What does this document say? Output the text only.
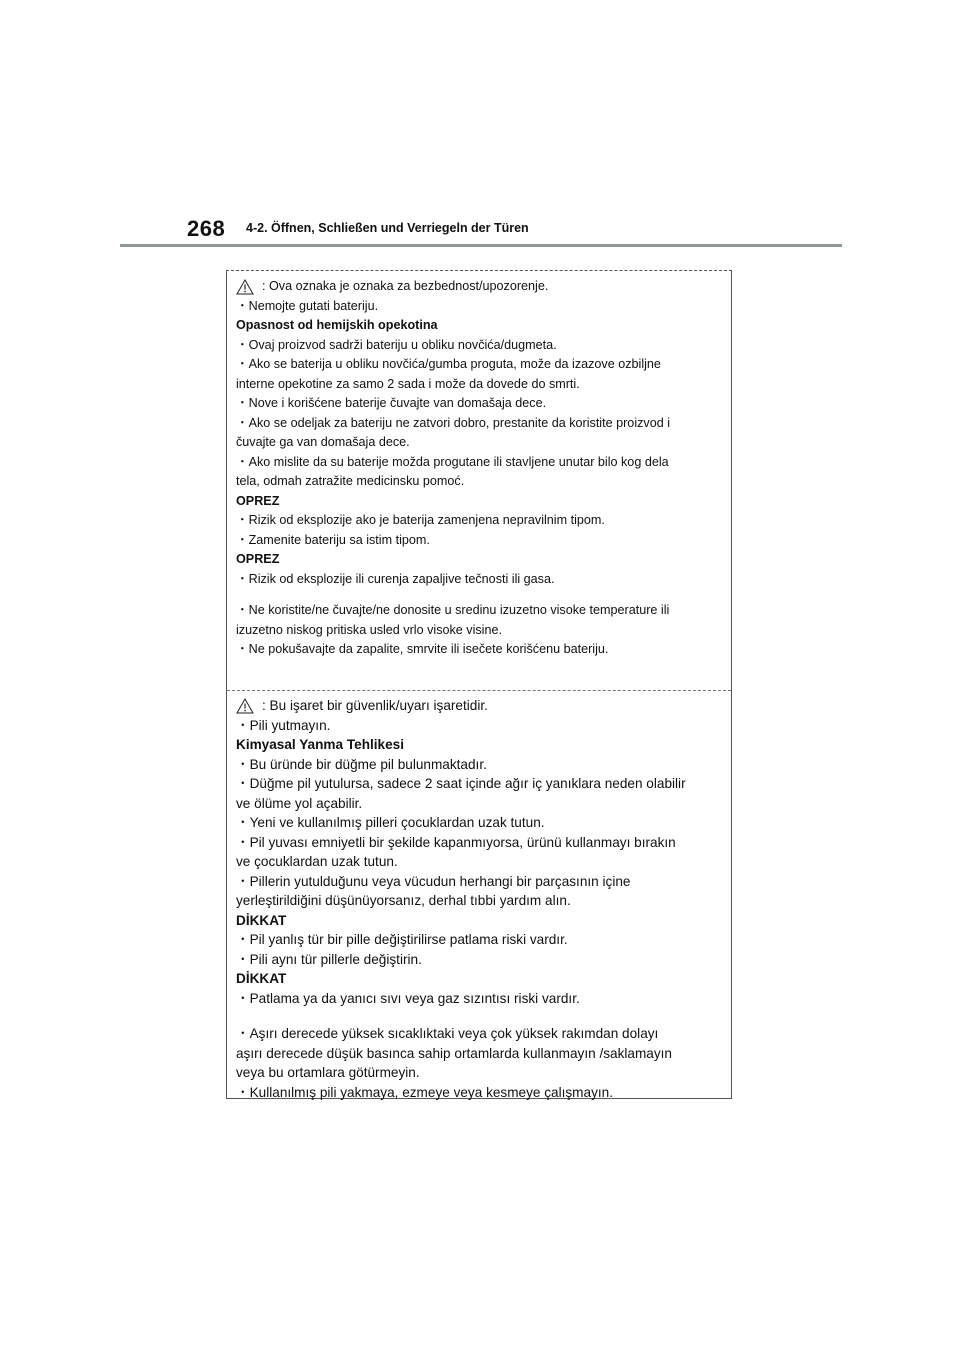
268 4-2. Öffnen, Schließen und Verriegeln der Türen
: Ova oznaka je oznaka za bezbednost/upozorenje.
・Nemojte gutati bateriju.
Opasnost od hemijskih opekotina
・Ovaj proizvod sadrži bateriju u obliku novčića/dugmeta.
・Ako se baterija u obliku novčića/gumba proguta, može da izazove ozbiljne
interne opekotine za samo 2 sada i može da dovede do smrti.
・Nove i korišćene baterije čuvajte van domašaja dece.
・Ako se odeljak za bateriju ne zatvori dobro, prestanite da koristite proizvod i
čuvajte ga van domašaja dece.
・Ako mislite da su baterije možda progutane ili stavljene unutar bilo kog dela
tela, odmah zatražite medicinsku pomoć.
OPREZ
・Rizik od eksplozije ako je baterija zamenjena nepravilnim tipom.
・Zamenite bateriju sa istim tipom.
OPREZ
・Rizik od eksplozije ili curenja zapaljive tečnosti ili gasa.
・Ne koristite/ne čuvajte/ne donosite u sredinu izuzetno visoke temperature ili
izuzetno niskog pritiska usled vrlo visoke visine.
・Ne pokušavajte da zapalite, smrvite ili isečete korišćenu bateriju.
: Bu işaret bir güvenlik/uyarı işaretidir.
・Pili yutmayın.
Kimyasal Yanma Tehlikesi
・Bu üründe bir düğme pil bulunmaktadır.
・Düğme pil yutulursa, sadece 2 saat içinde ağır iç yanıklara neden olabilir
ve ölüme yol açabilir.
・Yeni ve kullanılmış pilleri çocuklardan uzak tutun.
・Pil yuvası emniyetli bir şekilde kapanmıyorsa, ürünü kullanmayı bırakın
ve çocuklardan uzak tutun.
・Pillerin yutulduğunu veya vücudun herhangi bir parçasının içine
yerleştirildiğini düşünüyorsanız, derhal tıbbi yardım alın.
DİKKAT
・Pil yanlış tür bir pille değiştirilirse patlama riski vardır.
・Pili aynı tür pillerle değiştirin.
DİKKAT
・Patlama ya da yanıcı sıvı veya gaz sızıntısı riski vardır.
・Aşırı derecede yüksek sıcaklıktaki veya çok yüksek rakımdan dolayı
aşırı derecede düşük basınca sahip ortamlarda kullanmayın /saklamayın
veya bu ortamlara götürmeyin.
・Kullanılmış pili yakmaya, ezmeye veya kesmeye çalışmayın.
